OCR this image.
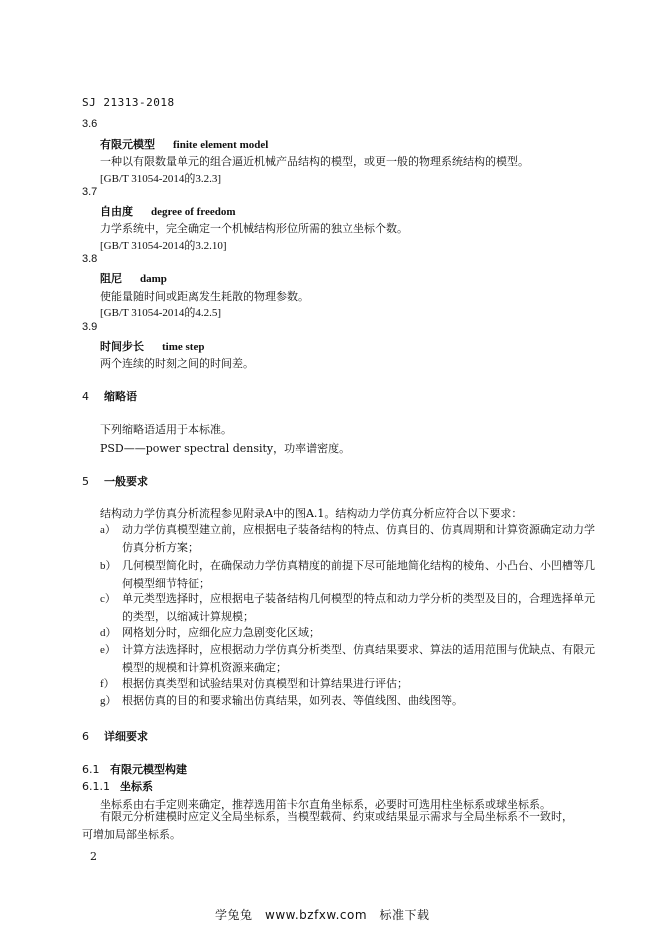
SJ 21313-2018
3.6
有限元模型 finite element model
一种以有限数量单元的组合逼近机械产品结构的模型，或更一般的物理系统结构的模型。
[GB/T 31054-2014的3.2.3]
3.7
自由度 degree of freedom
力学系统中，完全确定一个机械结构形位所需的独立坐标个数。
[GB/T 31054-2014的3.2.10]
3.8
阻尼 damp
使能量随时间或距离发生耗散的物理参数。
[GB/T 31054-2014的4.2.5]
3.9
时间步长 time step
两个连续的时刻之间的时间差。
4 缩略语
下列缩略语适用于本标准。
PSD——power spectral density，功率谱密度。
5 一般要求
结构动力学仿真分析流程参见附录A中的图A.1。结构动力学仿真分析应符合以下要求：
a） 动力学仿真模型建立前，应根据电子装备结构的特点、仿真目的、仿真周期和计算资源确定动力学仿真分析方案；
b） 几何模型简化时，在确保动力学仿真精度的前提下尽可能地简化结构的棱角、小凸台、小凹槽等几何模型细节特征；
c） 单元类型选择时，应根据电子装备结构几何模型的特点和动力学分析的类型及目的，合理选择单元的类型，以缩减计算规模；
d） 网格划分时，应细化应力急剧变化区域；
e） 计算方法选择时，应根据动力学仿真分析类型、仿真结果要求、算法的适用范围与优缺点、有限元模型的规模和计算机资源来确定；
f） 根据仿真类型和试验结果对仿真模型和计算结果进行评估；
g） 根据仿真的目的和要求输出仿真结果，如列表、等值线图、曲线图等。
6 详细要求
6.1 有限元模型构建
6.1.1 坐标系
坐标系由右手定则来确定，推荐选用笛卡尔直角坐标系，必要时可选用柱坐标系或球坐标系。
有限元分析建模时应定义全局坐标系，当模型载荷、约束或结果显示需求与全局坐标系不一致时，可增加局部坐标系。
2
学兔兔　www.bzfxw.com　标准下载
